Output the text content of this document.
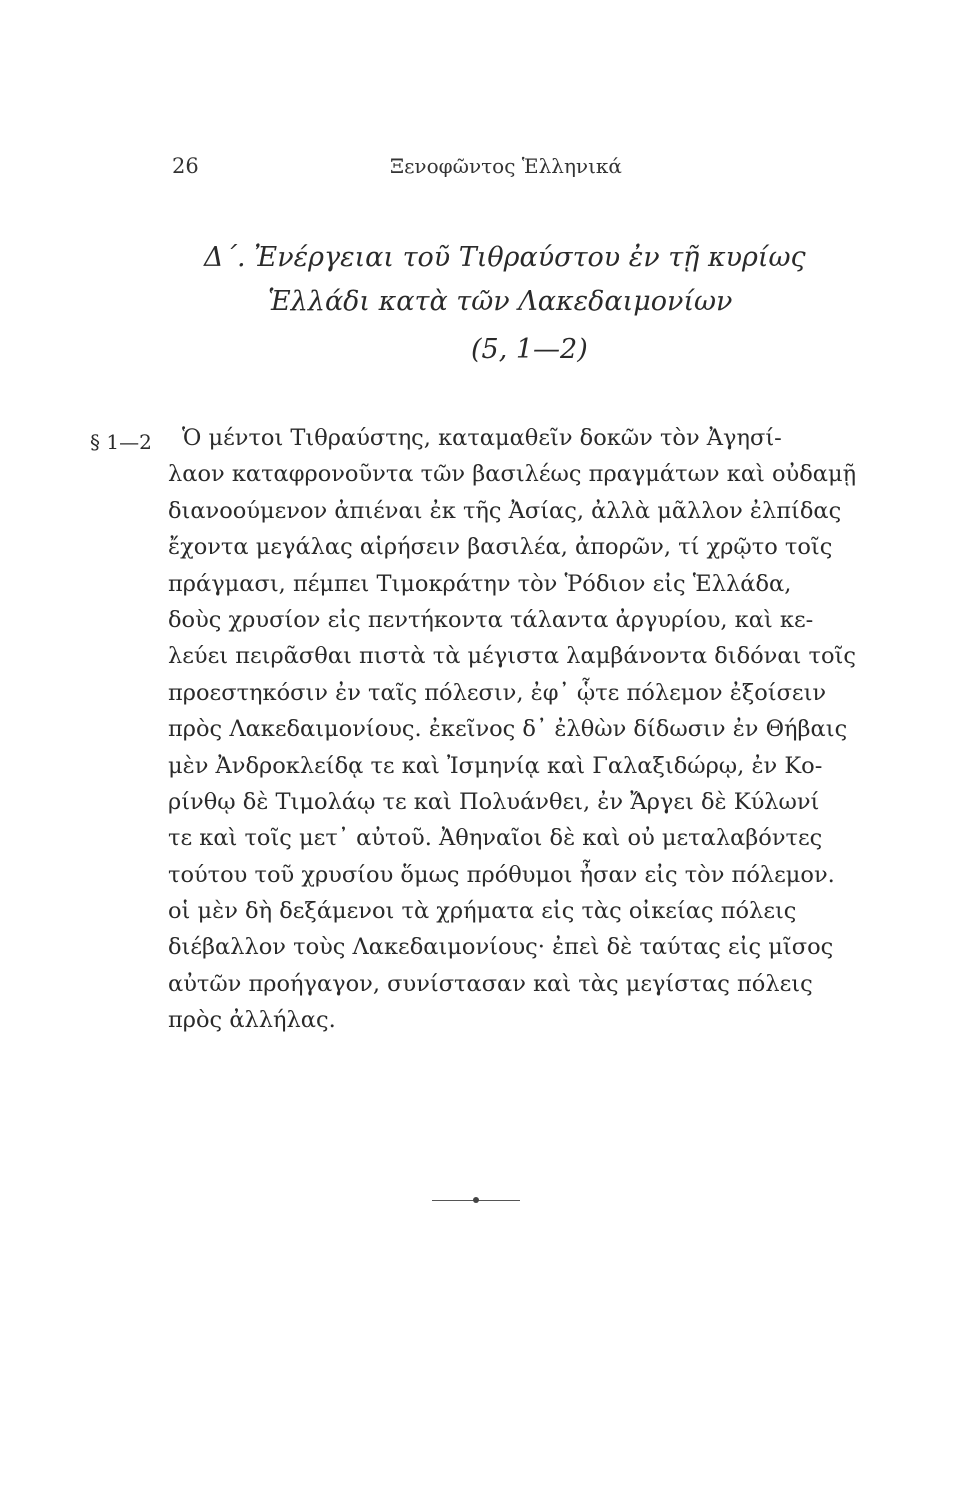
26	Ξενοφῶντος Ἑλληνικά
Δ΄. Ἐνέργειαι τοῦ Τιθραύστου ἐν τῇ κυρίως
Ἑλλάδι κατὰ τῶν Λακεδαιμονίων
(5, 1—2)
§ 1—2	Ὁ μέντοι Τιθραύστης, καταμαθεῖν δοκῶν τὸν Ἀγησί-
λαον καταφρονοῦντα τῶν βασιλέως πραγμάτων καὶ οὐδαμῇ
διανοούμενον ἀπιέναι ἐκ τῆς Ἀσίας, ἀλλὰ μᾶλλον ἐλπίδας
ἔχοντα μεγάλας αἱρήσειν βασιλέα, ἀπορῶν, τί χρῷτο τοῖς
πράγμασι, πέμπει Τιμοκράτην τὸν Ῥόδιον εἰς Ἑλλάδα,
δοὺς χρυσίον εἰς πεντήκοντα τάλαντα ἀργυρίου, καὶ κε-
λεύει πειρᾶσθαι πιστὰ τὰ μέγιστα λαμβάνοντα διδόναι τοῖς
προεστηκόσιν ἐν ταῖς πόλεσιν, ἐφ᾽ ᾧτε πόλεμον ἐξοίσειν
πρὸς Λακεδαιμονίους. ἐκεῖνος δ᾽ ἐλθὼν δίδωσιν ἐν Θήβαις
μὲν Ἀνδροκλείδᾳ τε καὶ Ἰσμηνίᾳ καὶ Γαλαξιδώρῳ, ἐν Κο-
ρίνθῳ δὲ Τιμολάῳ τε καὶ Πολυάνθει, ἐν Ἄργει δὲ Κύλωνί
τε καὶ τοῖς μετ᾽ αὐτοῦ. Ἀθηναῖοι δὲ καὶ οὐ μεταλαβόντες
τούτου τοῦ χρυσίου ὅμως πρόθυμοι ἦσαν εἰς τὸν πόλεμον.
οἱ μὲν δὴ δεξάμενοι τὰ χρήματα εἰς τὰς οἰκείας πόλεις
διέβαλλον τοὺς Λακεδαιμονίους· ἐπεὶ δὲ ταύτας εἰς μῖσος
αὐτῶν προήγαγον, συνίστασαν καὶ τὰς μεγίστας πόλεις
πρὸς ἀλλήλας.
